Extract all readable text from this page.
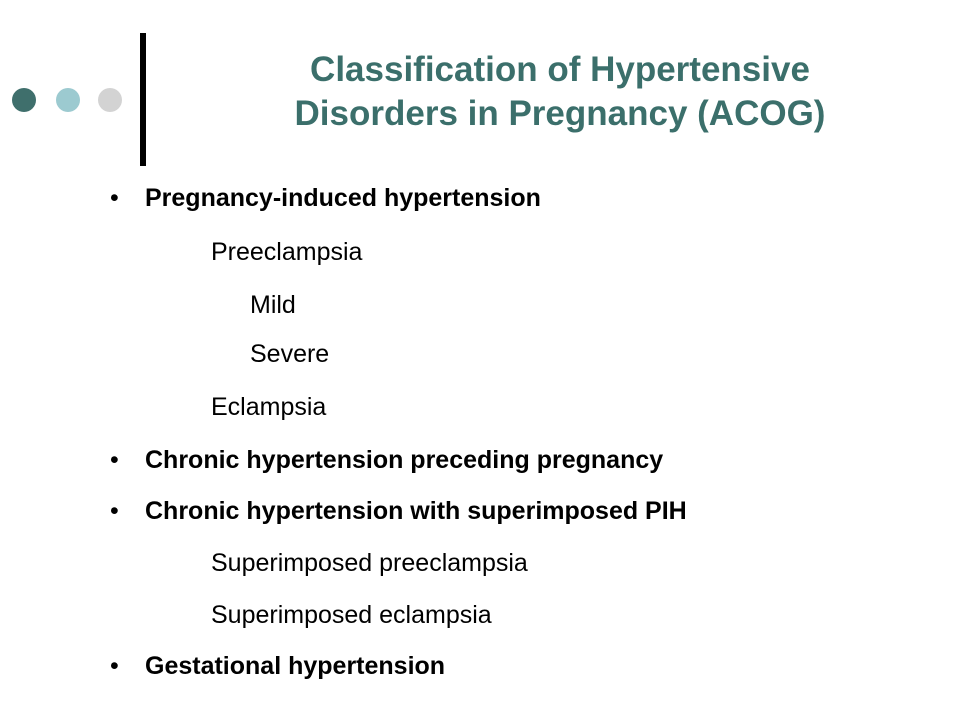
Classification of Hypertensive
Disorders in Pregnancy (ACOG)
• Pregnancy-induced hypertension
Preeclampsia
Mild
Severe
Eclampsia
• Chronic hypertension preceding pregnancy
• Chronic hypertension with superimposed PIH
Superimposed preeclampsia
Superimposed eclampsia
• Gestational hypertension
